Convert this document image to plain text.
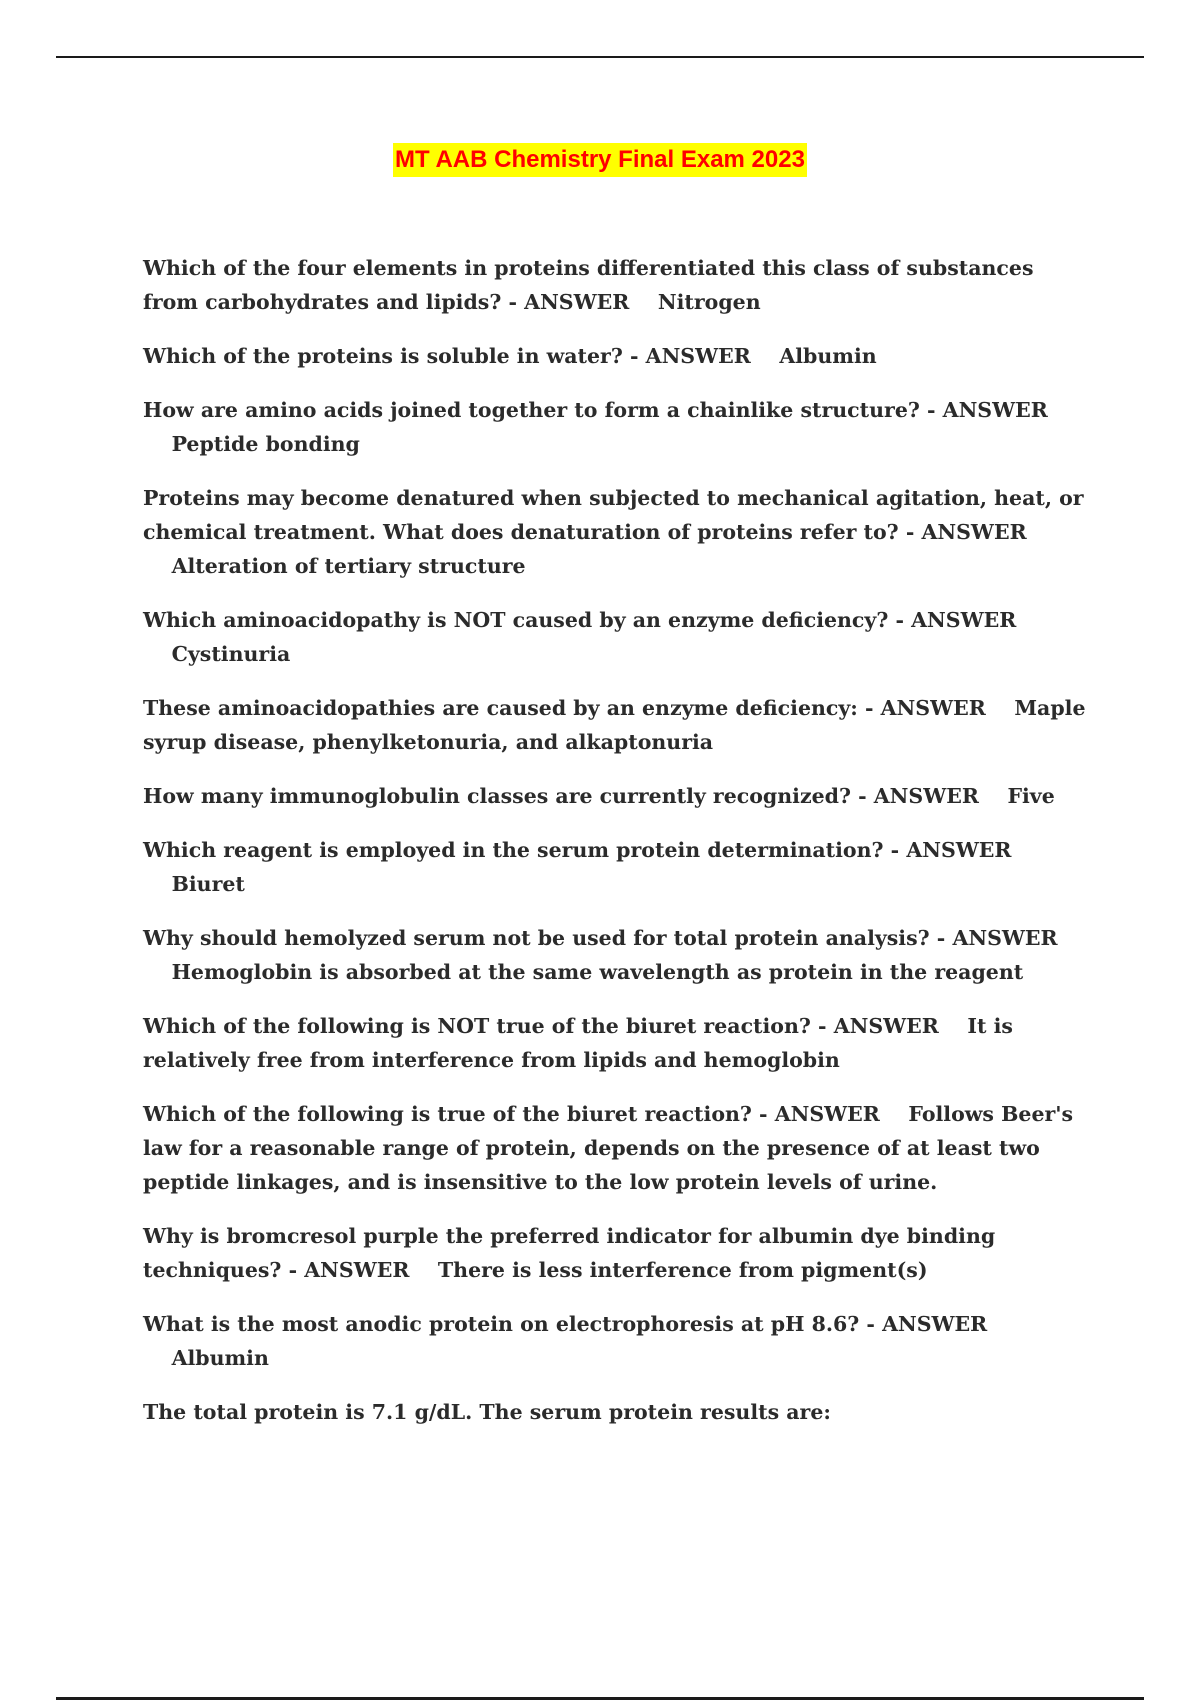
MT AAB Chemistry Final Exam 2023
Which of the four elements in proteins differentiated this class of substances from carbohydrates and lipids? - ANSWER Nitrogen
Which of the proteins is soluble in water? - ANSWER Albumin
How are amino acids joined together to form a chainlike structure? - ANSWER    Peptide bonding
Proteins may become denatured when subjected to mechanical agitation, heat, or chemical treatment. What does denaturation of proteins refer to? - ANSWER    Alteration of tertiary structure
Which aminoacidopathy is NOT caused by an enzyme deficiency? - ANSWER    Cystinuria
These aminoacidopathies are caused by an enzyme deficiency: - ANSWER Maple syrup disease, phenylketonuria, and alkaptonuria
How many immunoglobulin classes are currently recognized? - ANSWER Five
Which reagent is employed in the serum protein determination? - ANSWER    Biuret
Why should hemolyzed serum not be used for total protein analysis? - ANSWER    Hemoglobin is absorbed at the same wavelength as protein in the reagent
Which of the following is NOT true of the biuret reaction? - ANSWER It is relatively free from interference from lipids and hemoglobin
Which of the following is true of the biuret reaction? - ANSWER Follows Beer's law for a reasonable range of protein, depends on the presence of at least two peptide linkages, and is insensitive to the low protein levels of urine.
Why is bromcresol purple the preferred indicator for albumin dye binding techniques? - ANSWER There is less interference from pigment(s)
What is the most anodic protein on electrophoresis at pH 8.6? - ANSWER    Albumin
The total protein is 7.1 g/dL. The serum protein results are:
